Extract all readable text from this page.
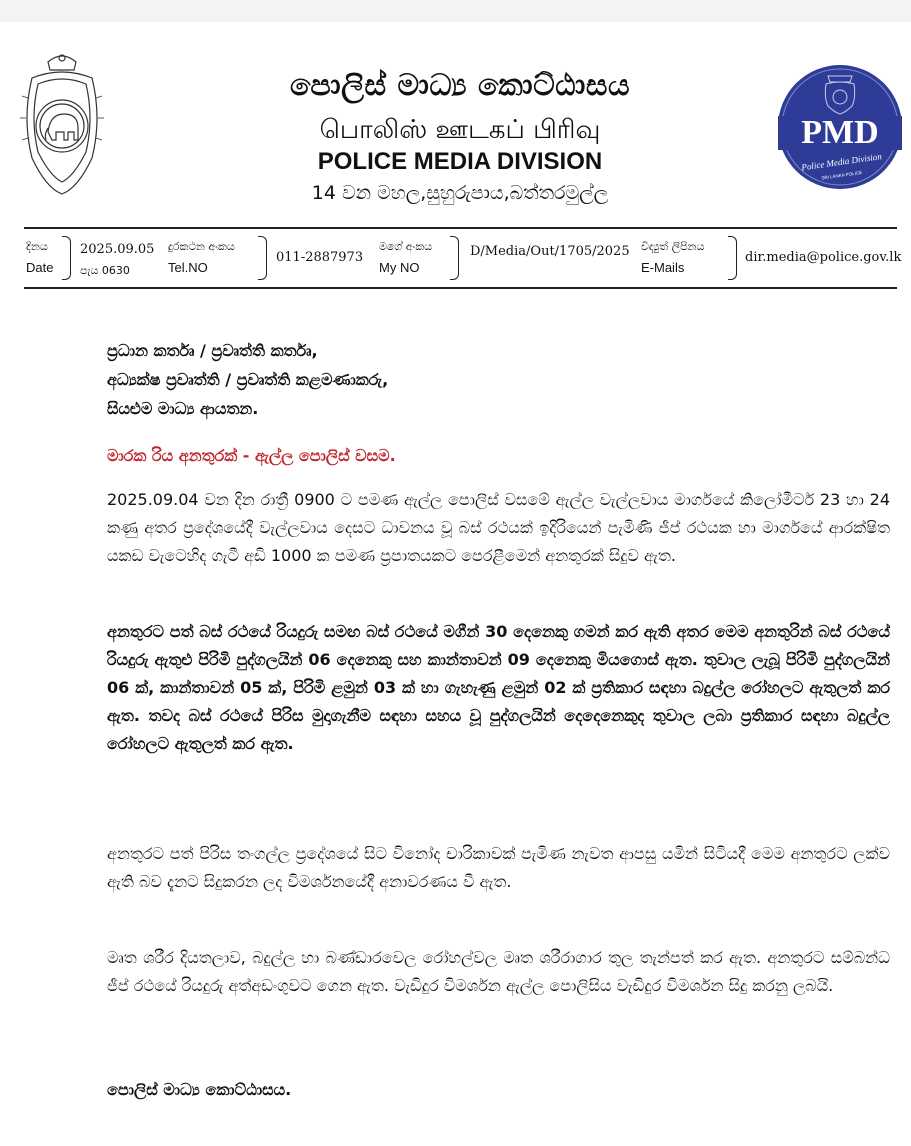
PMD
Police Media Division
SRI LANKA POLICE
පොලිස් මාධ්‍ය කොට්ඨාසය
பொலிஸ் ஊடகப் பிரிவு
POLICE MEDIA DIVISION
14 වන මහල,සුහුරුපාය,බත්තරමුල්ල
දිනය
Date
2025.09.05
පැය 0630
දුරකථන අංකය
Tel.NO
011-2887973
මගේ අංකය
My NO
D/Media/Out/1705/2025 විද්‍යුත් ලිපිනය
E-Mails
dir.media@police.gov.lk
ප්‍රධාන කර්තෘ / ප්‍රවෘත්ති කර්තෘ,
අධ්‍යක්ෂ ප්‍රවෘත්ති / ප්‍රවෘත්ති කළමණාකරු,
සියළුම මාධ්‍ය ආයතන.
මාරක රිය අනතුරක් - ඇල්ල පොලිස් වසම.
2025.09.04 වන දින රාත්‍රී 0900 ට පමණ ඇල්ල පොලිස් වසමේ ඇල්ල වැල්ලවාය මාර්ගයේ කිලෝමීටර් 23 හා 24 කණු අතර ප්‍රදේශයේදී වැල්ලවාය දෙසට ධාවනය වූ බස් රථයක් ඉදිරියෙන් පැමිණි ජීප් රථයක හා මාර්ගයේ ආරක්ෂිත යකඩ වැටෙහිද ගැටී අඩි 1000 ක පමණ ප්‍රපාතයකට පෙරළීමෙන් අනතුරක් සිදුව ඇත.
අනතුරට පත් බස් රථයේ රියදුරු සමඟ බස් රථයේ මගීන් 30 දෙනෙකු ගමන් කර ඇති අතර මෙම අනතුරින් බස් රථයේ රියදුරු ඇතුළු පිරිමි පුද්ගලයින් 06 දෙනෙකු සහ කාන්තාවන් 09 දෙනෙකු මියගොස් ඇත. තුවාල ලැබූ පිරිමි පුද්ගලයින් 06 ක්, කාන්තාවන් 05 ක්, පිරිමි ළමුන් 03 ක් හා ගැහැණු ළමුන් 02 ක් ප්‍රතිකාර සඳහා බදුල්ල රෝහලට ඇතුලත් කර ඇත. තවද බස් රථයේ පිරිස මුදාගැනීම සඳහා සහය වූ පුද්ගලයින් දෙදෙනෙකුද තුවාල ලබා ප්‍රතිකාර සඳහා බදුල්ල රෝහලට ඇතුලත් කර ඇත.
අනතුරට පත් පිරිස තංගල්ල ප්‍රදේශයේ සිට විනෝද චාරිකාවක් පැමිණ නැවත ආපසු යමින් සිටියදී මෙම අනතුරට ලක්ව ඇති බව දැනට සිදුකරන ලද විමර්ශනයේදී අනාවරණය වී ඇත.
මෘත ශරීර දියතලාව, බදුල්ල හා බණ්ඩාරවෙල රෝහල්වල මෘත ශරීරාගාර තුල තැන්පත් කර ඇත. අනතුරට සම්බන්ධ ජීප් රථයේ රියදුරු අත්අඩංගුවට ගෙන ඇත. වැඩිදුර විමර්ශන ඇල්ල පොලිසිය වැඩිදුර විමර්ශන සිදු කරනු ලබයි.
පොලිස් මාධ්‍ය කොට්ඨාසය.
